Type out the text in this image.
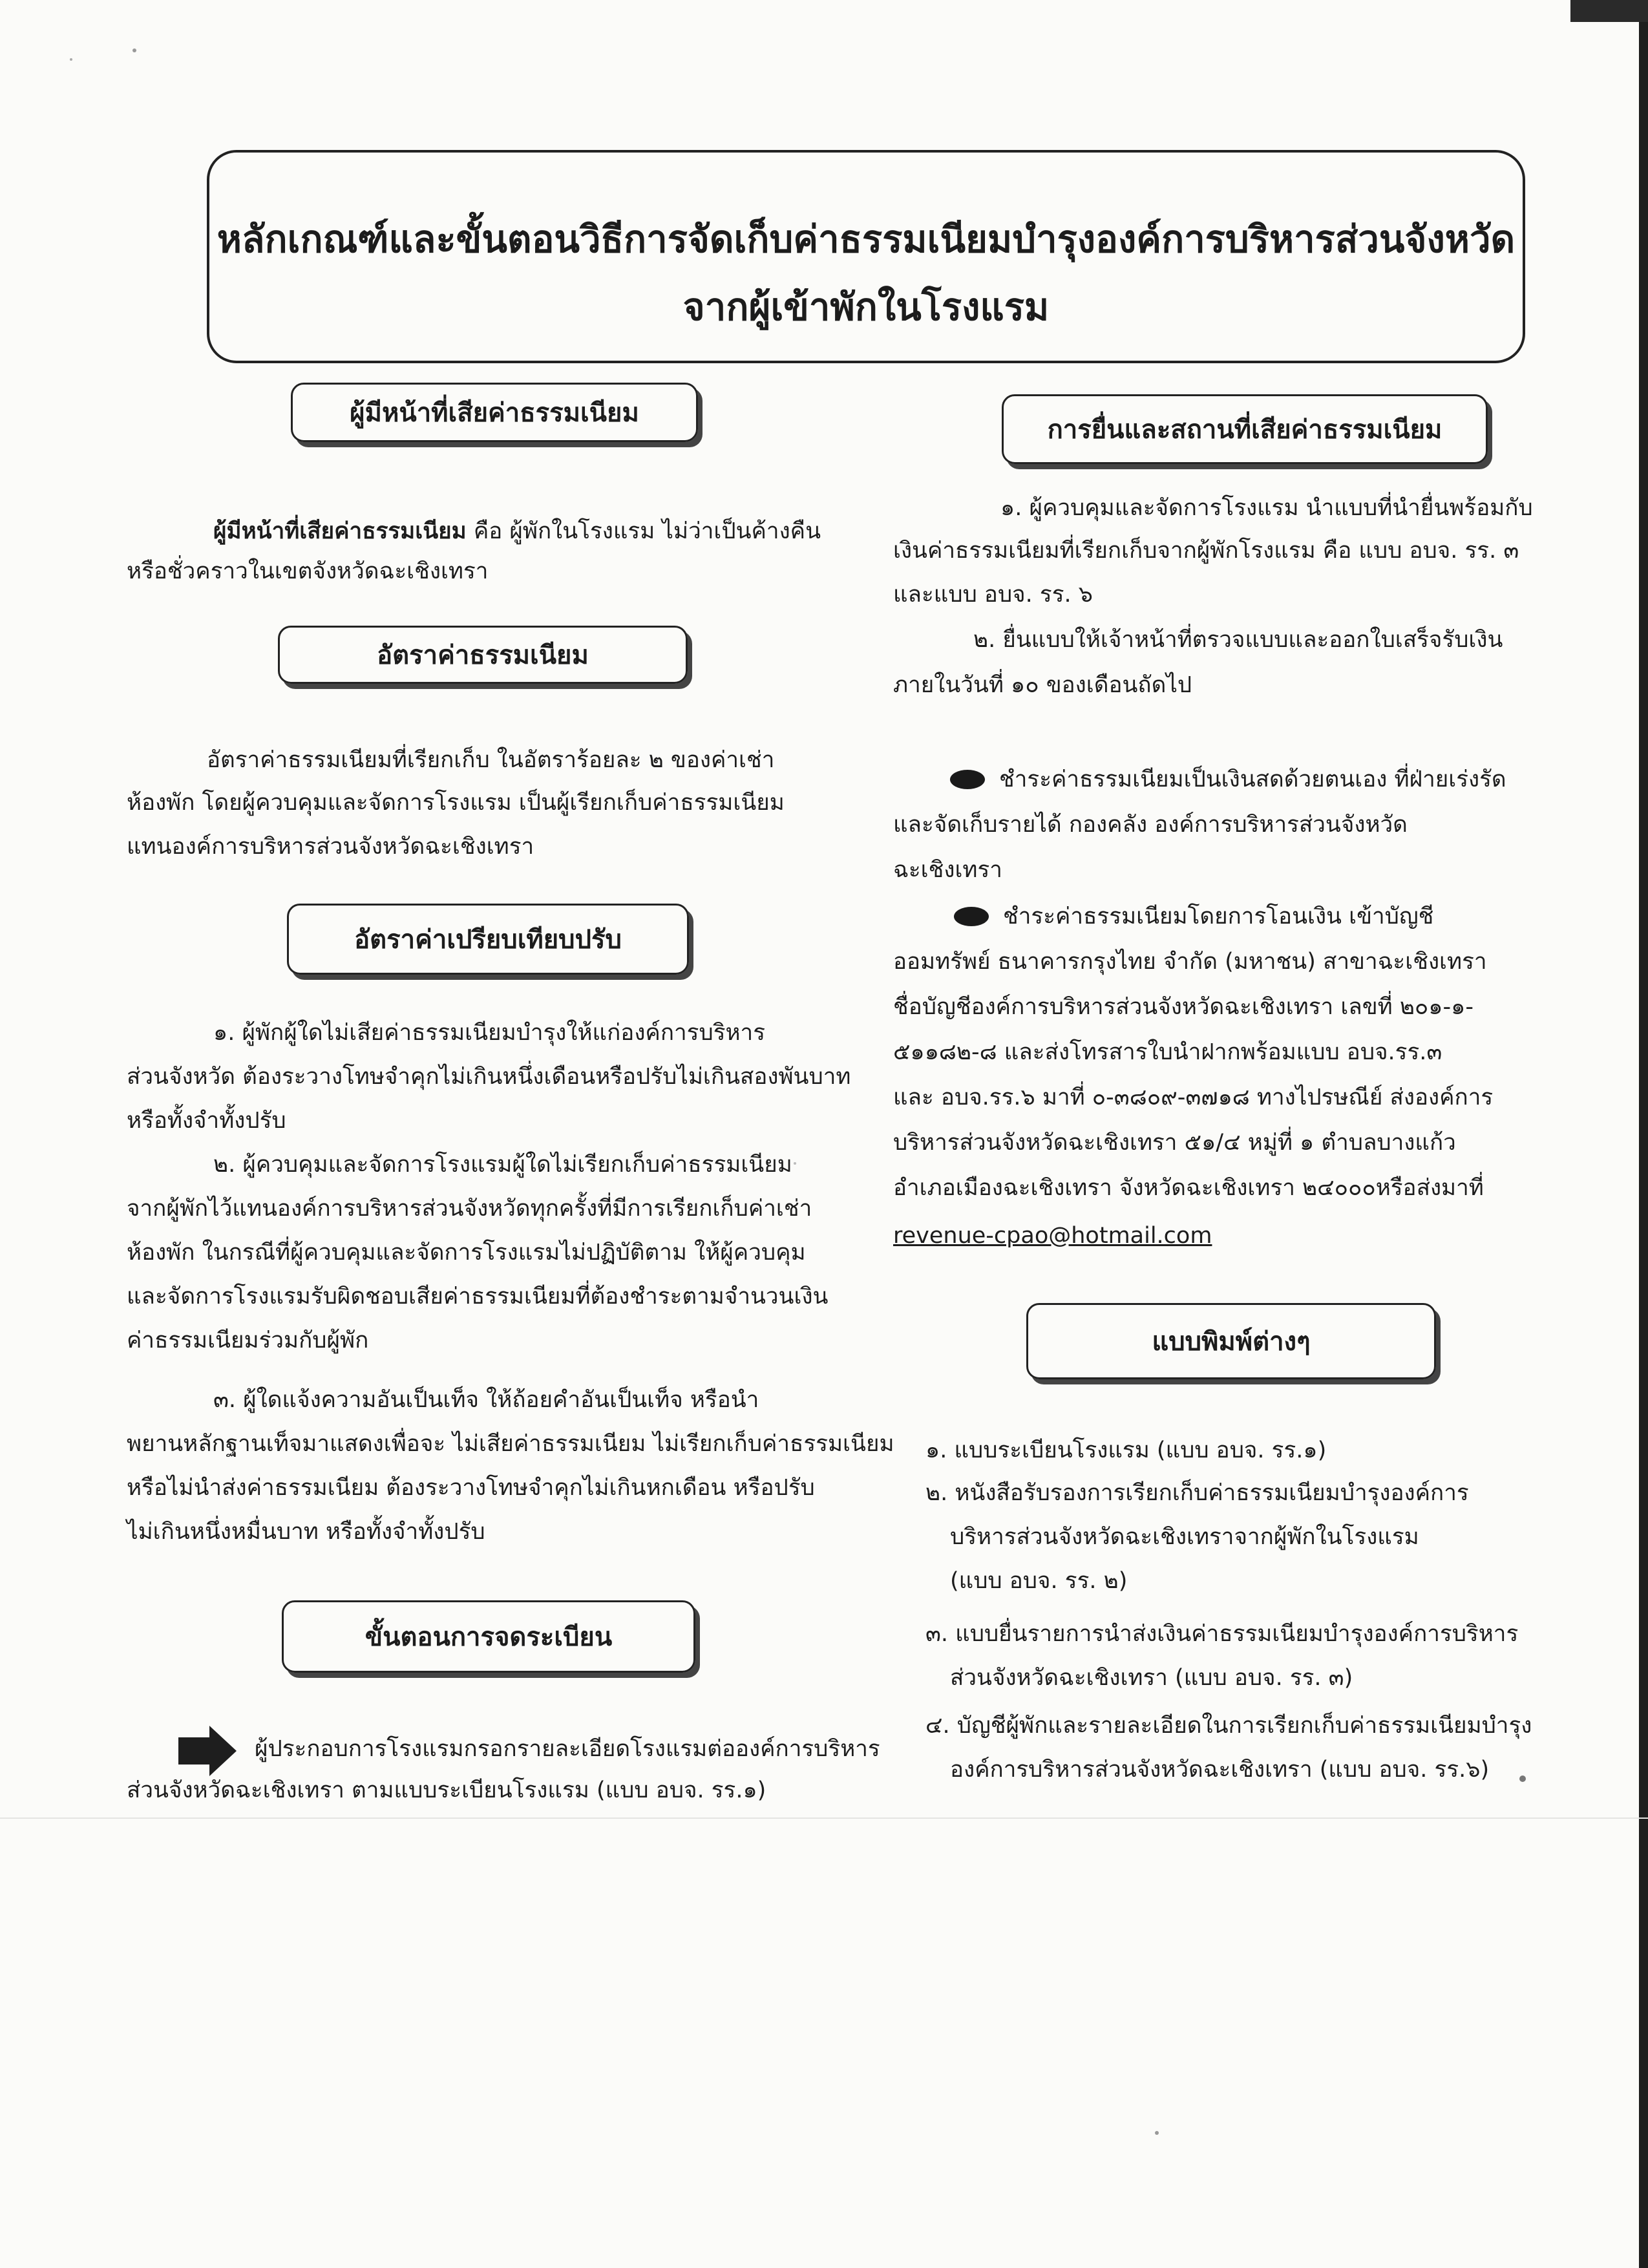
หลักเกณฑ์และขั้นตอนวิธีการจัดเก็บค่าธรรมเนียมบำรุงองค์การบริหารส่วนจังหวัด
จากผู้เข้าพักในโรงแรม
ผู้มีหน้าที่เสียค่าธรรมเนียม
ผู้มีหน้าที่เสียค่าธรรมเนียม คือ ผู้พักในโรงแรม ไม่ว่าเป็นค้างคืน
หรือชั่วคราวในเขตจังหวัดฉะเชิงเทรา
อัตราค่าธรรมเนียม
อัตราค่าธรรมเนียมที่เรียกเก็บ ในอัตราร้อยละ ๒ ของค่าเช่า
ห้องพัก โดยผู้ควบคุมและจัดการโรงแรม เป็นผู้เรียกเก็บค่าธรรมเนียม
แทนองค์การบริหารส่วนจังหวัดฉะเชิงเทรา
อัตราค่าเปรียบเทียบปรับ
๑. ผู้พักผู้ใดไม่เสียค่าธรรมเนียมบำรุงให้แก่องค์การบริหาร
ส่วนจังหวัด ต้องระวางโทษจำคุกไม่เกินหนึ่งเดือนหรือปรับไม่เกินสองพันบาท
หรือทั้งจำทั้งปรับ
๒. ผู้ควบคุมและจัดการโรงแรมผู้ใดไม่เรียกเก็บค่าธรรมเนียม
จากผู้พักไว้แทนองค์การบริหารส่วนจังหวัดทุกครั้งที่มีการเรียกเก็บค่าเช่า
ห้องพัก ในกรณีที่ผู้ควบคุมและจัดการโรงแรมไม่ปฏิบัติตาม ให้ผู้ควบคุม
และจัดการโรงแรมรับผิดชอบเสียค่าธรรมเนียมที่ต้องชำระตามจำนวนเงิน
ค่าธรรมเนียมร่วมกับผู้พัก
๓. ผู้ใดแจ้งความอันเป็นเท็จ ให้ถ้อยคำอันเป็นเท็จ หรือนำ
พยานหลักฐานเท็จมาแสดงเพื่อจะ ไม่เสียค่าธรรมเนียม ไม่เรียกเก็บค่าธรรมเนียม
หรือไม่นำส่งค่าธรรมเนียม ต้องระวางโทษจำคุกไม่เกินหกเดือน หรือปรับ
ไม่เกินหนึ่งหมื่นบาท หรือทั้งจำทั้งปรับ
ขั้นตอนการจดระเบียน
ผู้ประกอบการโรงแรมกรอกรายละเอียดโรงแรมต่อองค์การบริหาร
ส่วนจังหวัดฉะเชิงเทรา ตามแบบระเบียนโรงแรม (แบบ อบจ. รร.๑)
การยื่นและสถานที่เสียค่าธรรมเนียม
๑. ผู้ควบคุมและจัดการโรงแรม นำแบบที่นำยื่นพร้อมกับ
เงินค่าธรรมเนียมที่เรียกเก็บจากผู้พักโรงแรม คือ แบบ อบจ. รร. ๓
และแบบ อบจ. รร. ๖
๒. ยื่นแบบให้เจ้าหน้าที่ตรวจแบบและออกใบเสร็จรับเงิน
ภายในวันที่ ๑๐ ของเดือนถัดไป
ชำระค่าธรรมเนียมเป็นเงินสดด้วยตนเอง ที่ฝ่ายเร่งรัด
และจัดเก็บรายได้ กองคลัง องค์การบริหารส่วนจังหวัด
ฉะเชิงเทรา
ชำระค่าธรรมเนียมโดยการโอนเงิน เข้าบัญชี
ออมทรัพย์ ธนาคารกรุงไทย จำกัด (มหาชน) สาขาฉะเชิงเทรา
ชื่อบัญชีองค์การบริหารส่วนจังหวัดฉะเชิงเทรา เลขที่ ๒๐๑-๑-
๕๑๑๘๒-๘ และส่งโทรสารใบนำฝากพร้อมแบบ อบจ.รร.๓
และ อบจ.รร.๖ มาที่ ๐-๓๘๐๙-๓๗๑๘ ทางไปรษณีย์ ส่งองค์การ
บริหารส่วนจังหวัดฉะเชิงเทรา ๕๑/๔ หมู่ที่ ๑ ตำบลบางแก้ว
อำเภอเมืองฉะเชิงเทรา จังหวัดฉะเชิงเทรา ๒๔๐๐๐หรือส่งมาที่
revenue-cpao@hotmail.com
แบบพิมพ์ต่างๆ
๑. แบบระเบียนโรงแรม (แบบ อบจ. รร.๑)
๒. หนังสือรับรองการเรียกเก็บค่าธรรมเนียมบำรุงองค์การ
บริหารส่วนจังหวัดฉะเชิงเทราจากผู้พักในโรงแรม
(แบบ อบจ. รร. ๒)
๓. แบบยื่นรายการนำส่งเงินค่าธรรมเนียมบำรุงองค์การบริหาร
ส่วนจังหวัดฉะเชิงเทรา (แบบ อบจ. รร. ๓)
๔. บัญชีผู้พักและรายละเอียดในการเรียกเก็บค่าธรรมเนียมบำรุง
องค์การบริหารส่วนจังหวัดฉะเชิงเทรา (แบบ อบจ. รร.๖)
